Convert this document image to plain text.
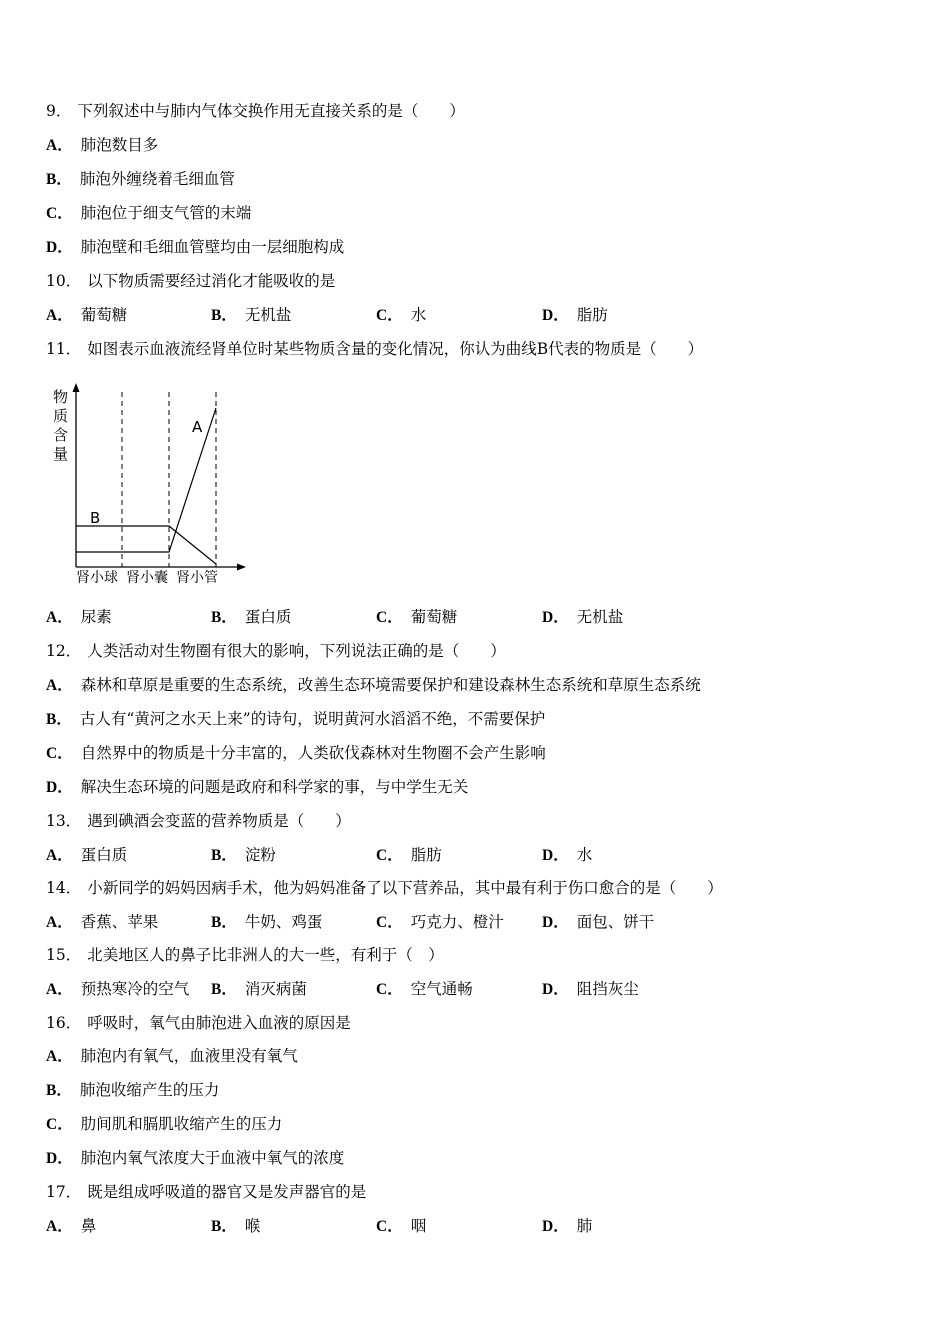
9． 下列叙述中与肺内气体交换作用无直接关系的是（　　）
A． 肺泡数目多
B． 肺泡外缠绕着毛细血管
C． 肺泡位于细支气管的末端
D． 肺泡壁和毛细血管壁均由一层细胞构成
10． 以下物质需要经过消化才能吸收的是
A． 葡萄糖	B． 无机盐	C． 水	D． 脂肪
11． 如图表示血液流经肾单位时某些物质含量的变化情况，你认为曲线B代表的物质是（　　）
物
质
含
量
A
B
肾小球 肾小囊 肾小管
A． 尿素	B． 蛋白质	C． 葡萄糖	D． 无机盐
12． 人类活动对生物圈有很大的影响，下列说法正确的是（　　）
A． 森林和草原是重要的生态系统，改善生态环境需要保护和建设森林生态系统和草原生态系统
B． 古人有“黄河之水天上来”的诗句，说明黄河水滔滔不绝，不需要保护
C． 自然界中的物质是十分丰富的，人类砍伐森林对生物圈不会产生影响
D． 解决生态环境的问题是政府和科学家的事，与中学生无关
13． 遇到碘酒会变蓝的营养物质是（　　）
A． 蛋白质	B． 淀粉	C． 脂肪	D． 水
14． 小新同学的妈妈因病手术，他为妈妈准备了以下营养品，其中最有利于伤口愈合的是（　　）
A． 香蕉、苹果	B． 牛奶、鸡蛋	C． 巧克力、橙汁 D． 面包、饼干
15． 北美地区人的鼻子比非洲人的大一些，有利于（　）
A． 预热寒冷的空气 B． 消灭病菌	C． 空气通畅	D． 阻挡灰尘
16． 呼吸时，氧气由肺泡进入血液的原因是
A． 肺泡内有氧气，血液里没有氧气
B． 肺泡收缩产生的压力
C． 肋间肌和膈肌收缩产生的压力
D． 肺泡内氧气浓度大于血液中氧气的浓度
17． 既是组成呼吸道的器官又是发声器官的是
A． 鼻	B． 喉	C． 咽	D． 肺
